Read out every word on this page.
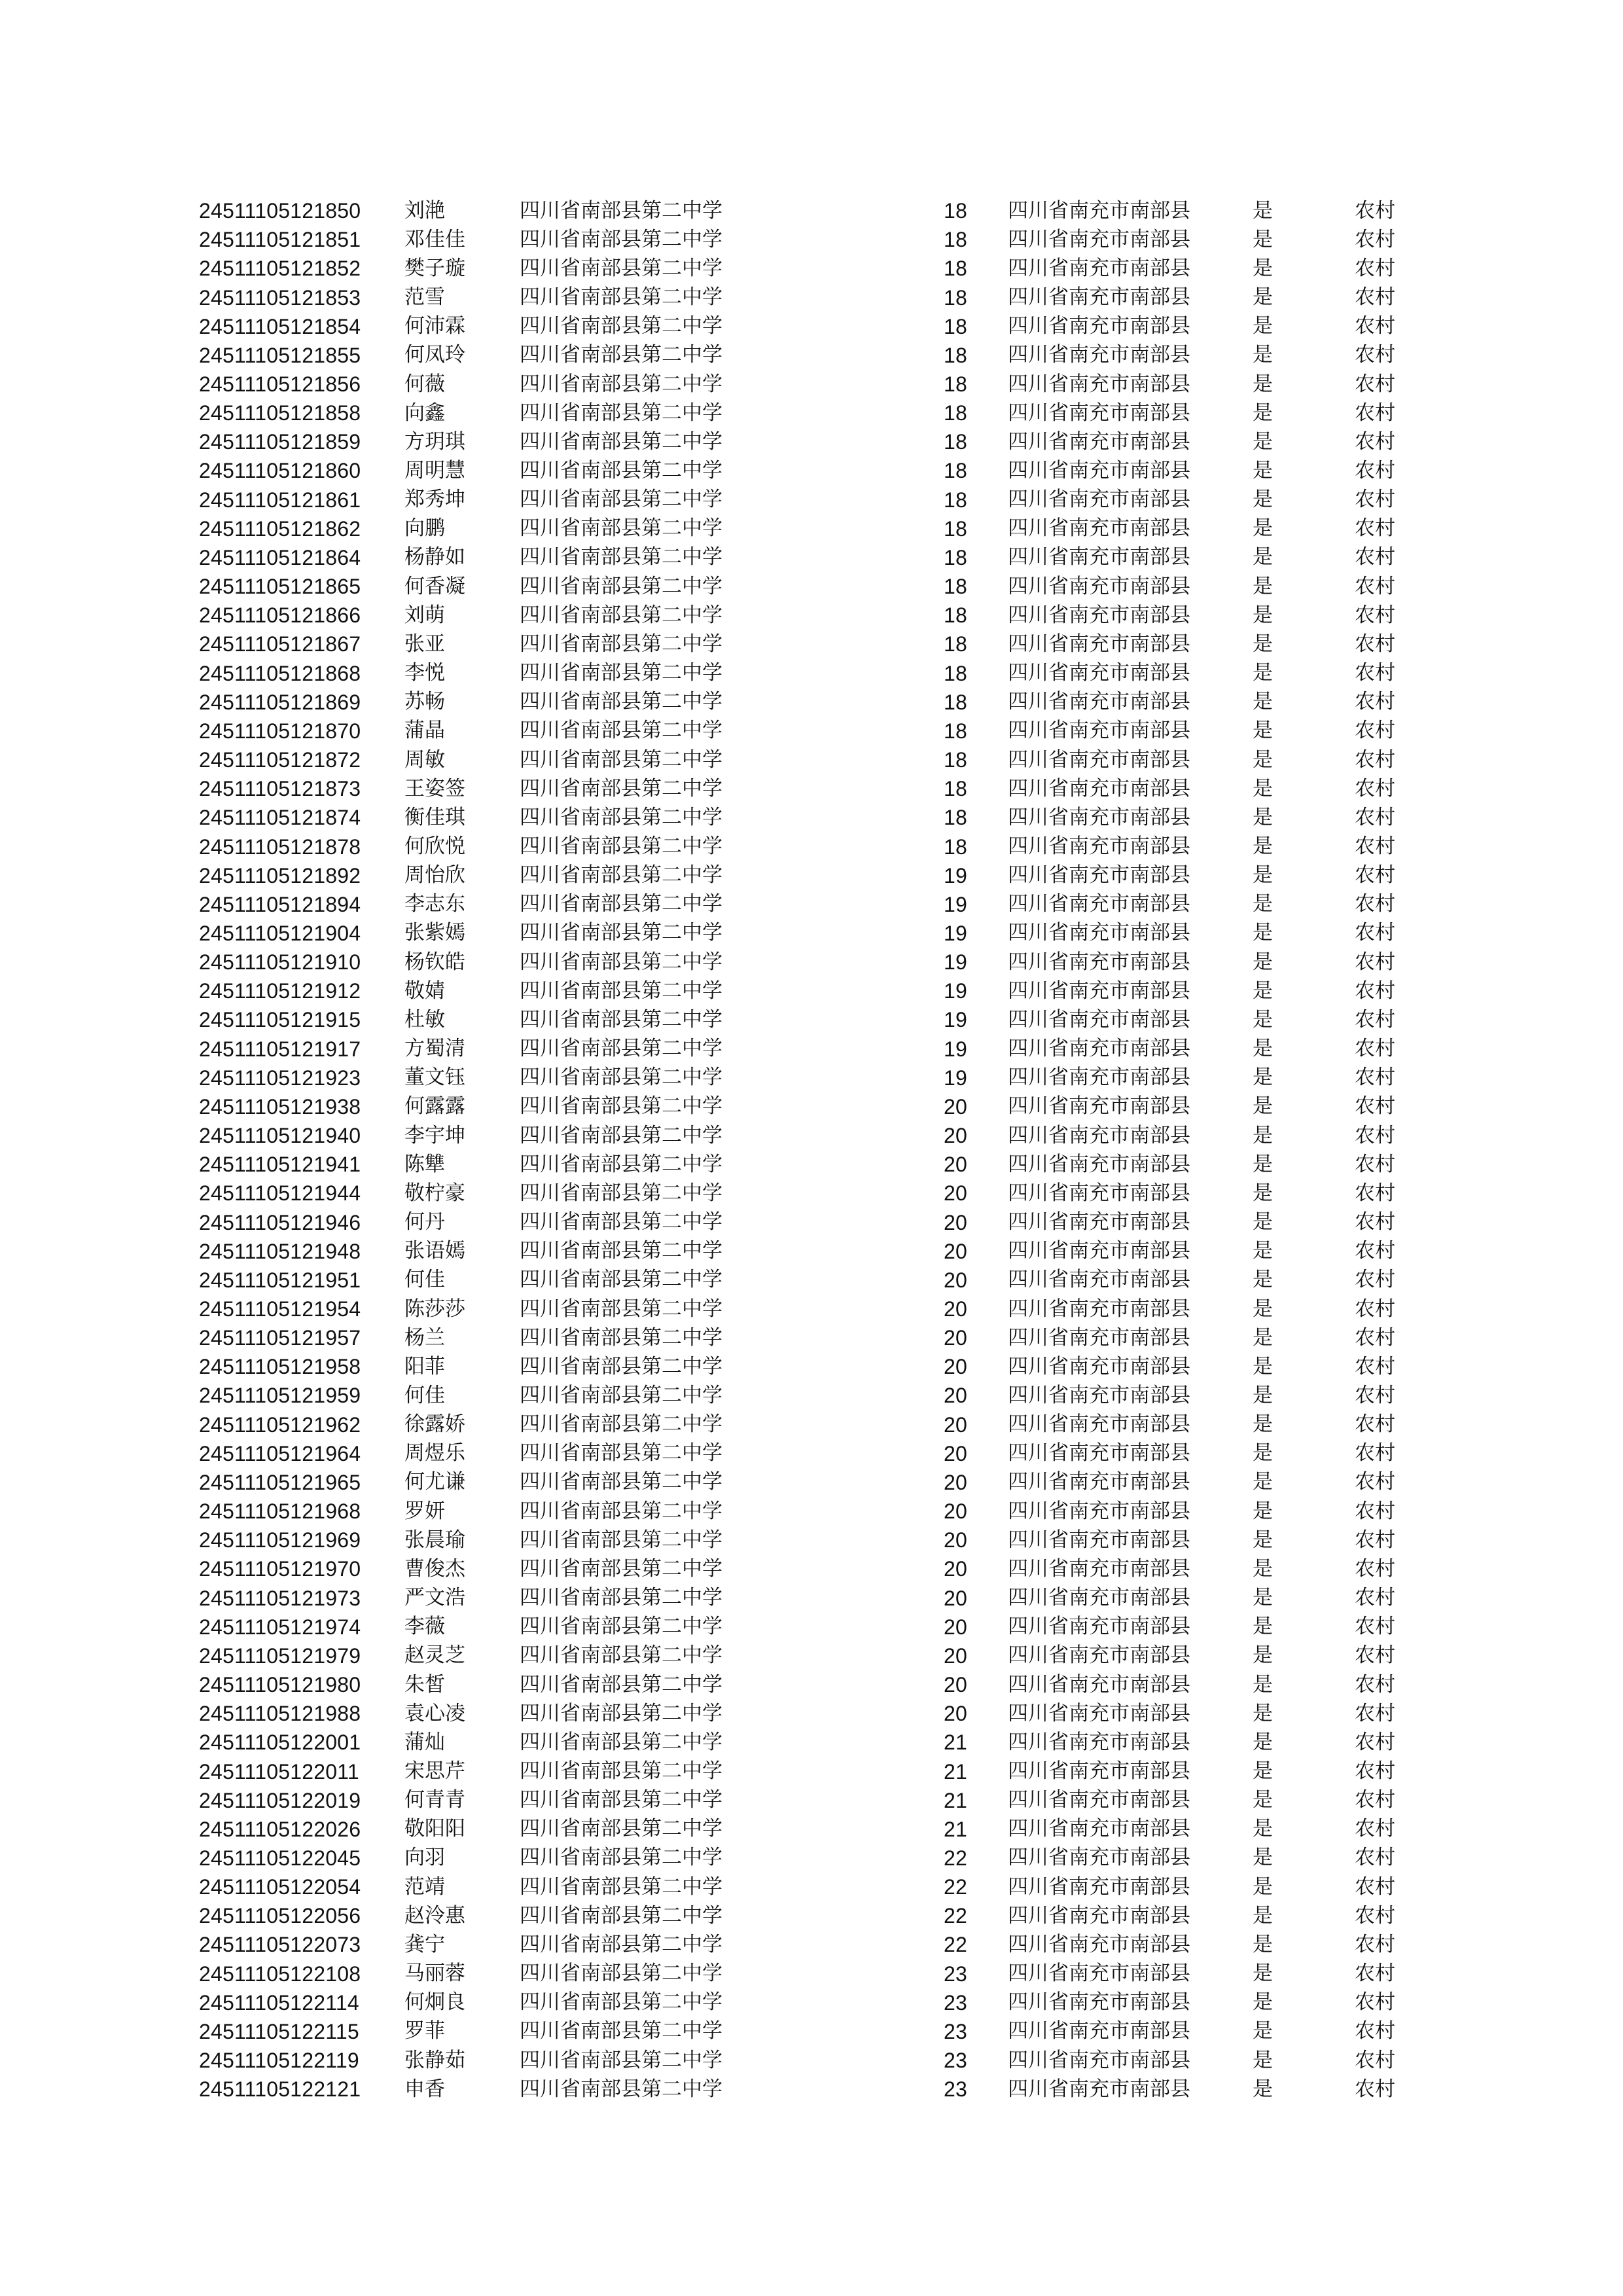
24511105121850	刘滟	四川省南部县第二中学	18	四川省南充市南部县	是	农村
24511105121851	邓佳佳	四川省南部县第二中学	18	四川省南充市南部县	是	农村
24511105121852	樊子璇	四川省南部县第二中学	18	四川省南充市南部县	是	农村
24511105121853	范雪	四川省南部县第二中学	18	四川省南充市南部县	是	农村
24511105121854	何沛霖	四川省南部县第二中学	18	四川省南充市南部县	是	农村
24511105121855	何凤玲	四川省南部县第二中学	18	四川省南充市南部县	是	农村
24511105121856	何薇	四川省南部县第二中学	18	四川省南充市南部县	是	农村
24511105121858	向鑫	四川省南部县第二中学	18	四川省南充市南部县	是	农村
24511105121859	方玥琪	四川省南部县第二中学	18	四川省南充市南部县	是	农村
24511105121860	周明慧	四川省南部县第二中学	18	四川省南充市南部县	是	农村
24511105121861	郑秀坤	四川省南部县第二中学	18	四川省南充市南部县	是	农村
24511105121862	向鹏	四川省南部县第二中学	18	四川省南充市南部县	是	农村
24511105121864	杨静如	四川省南部县第二中学	18	四川省南充市南部县	是	农村
24511105121865	何香凝	四川省南部县第二中学	18	四川省南充市南部县	是	农村
24511105121866	刘萌	四川省南部县第二中学	18	四川省南充市南部县	是	农村
24511105121867	张亚	四川省南部县第二中学	18	四川省南充市南部县	是	农村
24511105121868	李悦	四川省南部县第二中学	18	四川省南充市南部县	是	农村
24511105121869	苏畅	四川省南部县第二中学	18	四川省南充市南部县	是	农村
24511105121870	蒲晶	四川省南部县第二中学	18	四川省南充市南部县	是	农村
24511105121872	周敏	四川省南部县第二中学	18	四川省南充市南部县	是	农村
24511105121873	王姿签	四川省南部县第二中学	18	四川省南充市南部县	是	农村
24511105121874	衡佳琪	四川省南部县第二中学	18	四川省南充市南部县	是	农村
24511105121878	何欣悦	四川省南部县第二中学	18	四川省南充市南部县	是	农村
24511105121892	周怡欣	四川省南部县第二中学	19	四川省南充市南部县	是	农村
24511105121894	李志东	四川省南部县第二中学	19	四川省南充市南部县	是	农村
24511105121904	张紫嫣	四川省南部县第二中学	19	四川省南充市南部县	是	农村
24511105121910	杨钦皓	四川省南部县第二中学	19	四川省南充市南部县	是	农村
24511105121912	敬婧	四川省南部县第二中学	19	四川省南充市南部县	是	农村
24511105121915	杜敏	四川省南部县第二中学	19	四川省南充市南部县	是	农村
24511105121917	方蜀清	四川省南部县第二中学	19	四川省南充市南部县	是	农村
24511105121923	董文钰	四川省南部县第二中学	19	四川省南充市南部县	是	农村
24511105121938	何露露	四川省南部县第二中学	20	四川省南充市南部县	是	农村
24511105121940	李宇坤	四川省南部县第二中学	20	四川省南充市南部县	是	农村
24511105121941	陈犨	四川省南部县第二中学	20	四川省南充市南部县	是	农村
24511105121944	敬柠豪	四川省南部县第二中学	20	四川省南充市南部县	是	农村
24511105121946	何丹	四川省南部县第二中学	20	四川省南充市南部县	是	农村
24511105121948	张语嫣	四川省南部县第二中学	20	四川省南充市南部县	是	农村
24511105121951	何佳	四川省南部县第二中学	20	四川省南充市南部县	是	农村
24511105121954	陈莎莎	四川省南部县第二中学	20	四川省南充市南部县	是	农村
24511105121957	杨兰	四川省南部县第二中学	20	四川省南充市南部县	是	农村
24511105121958	阳菲	四川省南部县第二中学	20	四川省南充市南部县	是	农村
24511105121959	何佳	四川省南部县第二中学	20	四川省南充市南部县	是	农村
24511105121962	徐露娇	四川省南部县第二中学	20	四川省南充市南部县	是	农村
24511105121964	周煜乐	四川省南部县第二中学	20	四川省南充市南部县	是	农村
24511105121965	何尤谦	四川省南部县第二中学	20	四川省南充市南部县	是	农村
24511105121968	罗妍	四川省南部县第二中学	20	四川省南充市南部县	是	农村
24511105121969	张晨瑜	四川省南部县第二中学	20	四川省南充市南部县	是	农村
24511105121970	曹俊杰	四川省南部县第二中学	20	四川省南充市南部县	是	农村
24511105121973	严文浩	四川省南部县第二中学	20	四川省南充市南部县	是	农村
24511105121974	李薇	四川省南部县第二中学	20	四川省南充市南部县	是	农村
24511105121979	赵灵芝	四川省南部县第二中学	20	四川省南充市南部县	是	农村
24511105121980	朱皙	四川省南部县第二中学	20	四川省南充市南部县	是	农村
24511105121988	袁心凌	四川省南部县第二中学	20	四川省南充市南部县	是	农村
24511105122001	蒲灿	四川省南部县第二中学	21	四川省南充市南部县	是	农村
24511105122011	宋思芹	四川省南部县第二中学	21	四川省南充市南部县	是	农村
24511105122019	何青青	四川省南部县第二中学	21	四川省南充市南部县	是	农村
24511105122026	敬阳阳	四川省南部县第二中学	21	四川省南充市南部县	是	农村
24511105122045	向羽	四川省南部县第二中学	22	四川省南充市南部县	是	农村
24511105122054	范靖	四川省南部县第二中学	22	四川省南充市南部县	是	农村
24511105122056	赵泠惠	四川省南部县第二中学	22	四川省南充市南部县	是	农村
24511105122073	龚宁	四川省南部县第二中学	22	四川省南充市南部县	是	农村
24511105122108	马丽蓉	四川省南部县第二中学	23	四川省南充市南部县	是	农村
24511105122114	何炯良	四川省南部县第二中学	23	四川省南充市南部县	是	农村
24511105122115	罗菲	四川省南部县第二中学	23	四川省南充市南部县	是	农村
24511105122119	张静茹	四川省南部县第二中学	23	四川省南充市南部县	是	农村
24511105122121	申香	四川省南部县第二中学	23	四川省南充市南部县	是	农村
